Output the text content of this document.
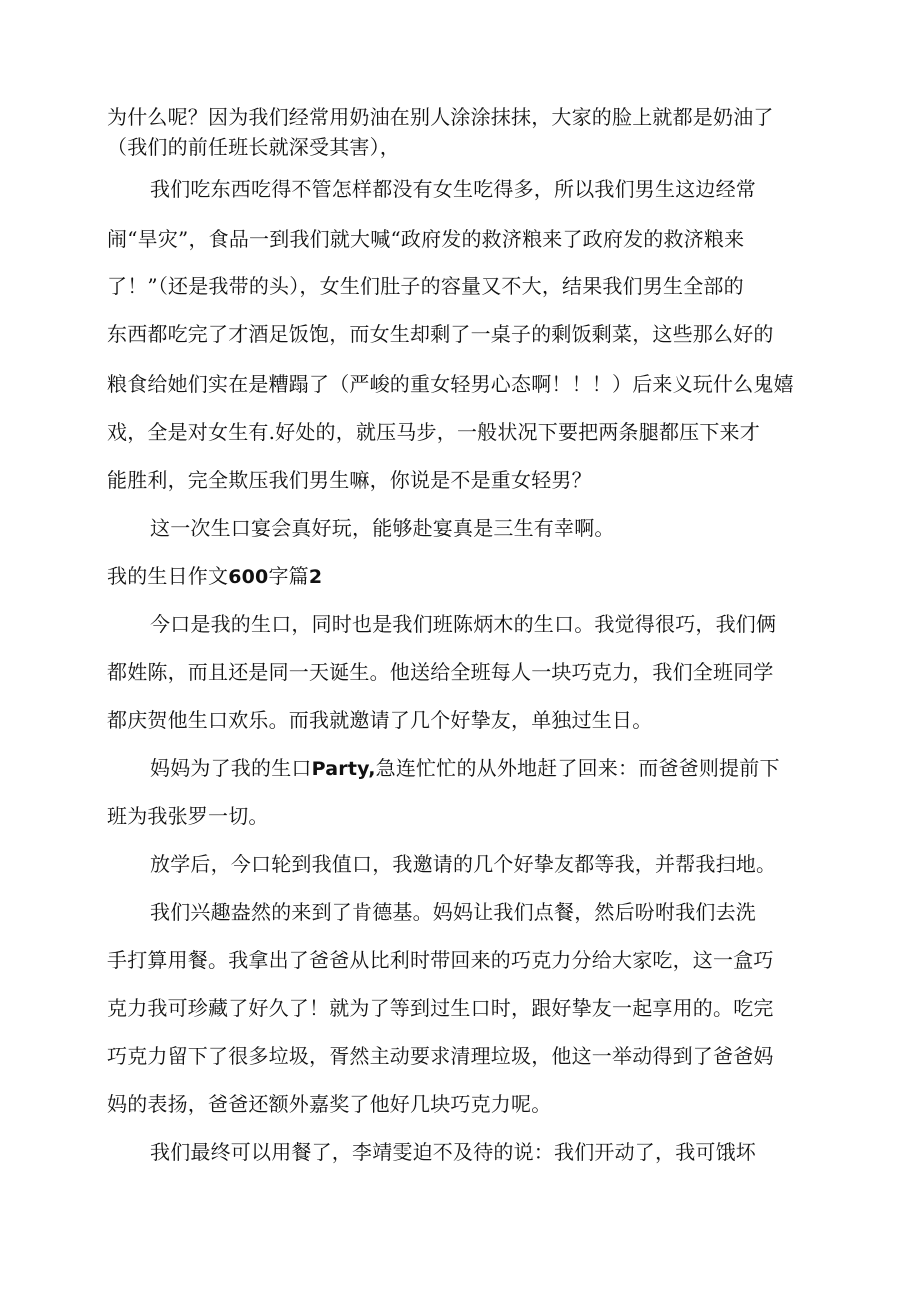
为什么呢？因为我们经常用奶油在别人涂涂抹抹，大家的脸上就都是奶油了
（我们的前任班长就深受其害），
我们吃东西吃得不管怎样都没有女生吃得多，所以我们男生这边经常
闹“旱灾”，食品一到我们就大喊“政府发的救济粮来了政府发的救济粮来
了！”（还是我带的头），女生们肚子的容量又不大，结果我们男生全部的
东西都吃完了才酒足饭饱，而女生却剩了一桌子的剩饭剩菜，这些那么好的
粮食给她们实在是糟蹋了（严峻的重女轻男心态啊！！！）后来义玩什么鬼嬉
戏，全是对女生有.好处的，就压马步，一般状况下要把两条腿都压下来才
能胜利，完全欺压我们男生嘛，你说是不是重女轻男？
这一次生口宴会真好玩，能够赴宴真是三生有幸啊。
我的生日作文600字篇2
今口是我的生口，同时也是我们班陈炳木的生口。我觉得很巧，我们俩
都姓陈，而且还是同一天诞生。他送给全班每人一块巧克力，我们全班同学
都庆贺他生口欢乐。而我就邀请了几个好挚友，单独过生日。
妈妈为了我的生口Party,急连忙忙的从外地赶了回来：而爸爸则提前下
班为我张罗一切。
放学后，今口轮到我值口，我邀请的几个好挚友都等我，并帮我扫地。
我们兴趣盎然的来到了肯德基。妈妈让我们点餐，然后吩咐我们去洗
手打算用餐。我拿出了爸爸从比利时带回来的巧克力分给大家吃，这一盒巧
克力我可珍藏了好久了！就为了等到过生口时，跟好挚友一起享用的。吃完
巧克力留下了很多垃圾，胥然主动要求清理垃圾，他这一举动得到了爸爸妈
妈的表扬，爸爸还额外嘉奖了他好几块巧克力呢。
我们最终可以用餐了，李靖雯迫不及待的说：我们开动了，我可饿坏
